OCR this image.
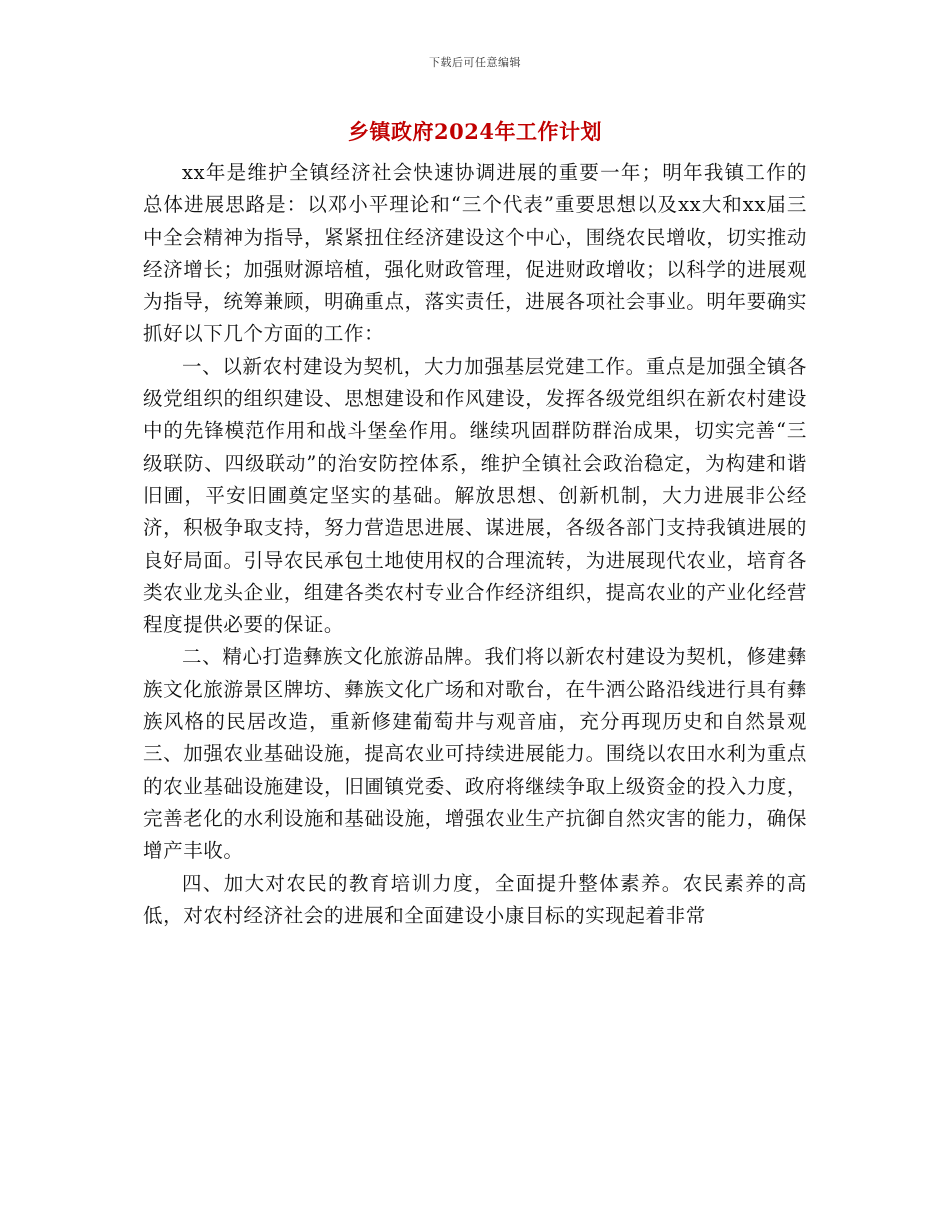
下载后可任意编辑
乡镇政府2024年工作计划

xx年是维护全镇经济社会快速协调进展的重要一年；明年我镇工作的总体进展思路是：以邓小平理论和“三个代表”重要思想以及xx大和xx届三中全会精神为指导，紧紧扭住经济建设这个中心，围绕农民增收，切实推动经济增长；加强财源培植，强化财政管理，促进财政增收；以科学的进展观为指导，统筹兼顾，明确重点，落实责任，进展各项社会事业。明年要确实抓好以下几个方面的工作：

一、以新农村建设为契机，大力加强基层党建工作。重点是加强全镇各级党组织的组织建设、思想建设和作风建设，发挥各级党组织在新农村建设中的先锋模范作用和战斗堡垒作用。继续巩固群防群治成果，切实完善“三级联防、四级联动”的治安防控体系，维护全镇社会政治稳定，为构建和谐旧圃，平安旧圃奠定坚实的基础。解放思想、创新机制，大力进展非公经济，积极争取支持，努力营造思进展、谋进展，各级各部门支持我镇进展的良好局面。引导农民承包土地使用权的合理流转，为进展现代农业，培育各类农业龙头企业，组建各类农村专业合作经济组织，提高农业的产业化经营程度提供必要的保证。

二、精心打造彝族文化旅游品牌。我们将以新农村建设为契机，修建彝族文化旅游景区牌坊、彝族文化广场和对歌台，在牛洒公路沿线进行具有彝族风格的民居改造，重新修建葡萄井与观音庙，充分再现历史和自然景观三、加强农业基础设施，提高农业可持续进展能力。围绕以农田水利为重点的农业基础设施建设，旧圃镇党委、政府将继续争取上级资金的投入力度，完善老化的水利设施和基础设施，增强农业生产抗御自然灾害的能力，确保增产丰收。

四、加大对农民的教育培训力度，全面提升整体素养。农民素养的高低，对农村经济社会的进展和全面建设小康目标的实现起着非常
